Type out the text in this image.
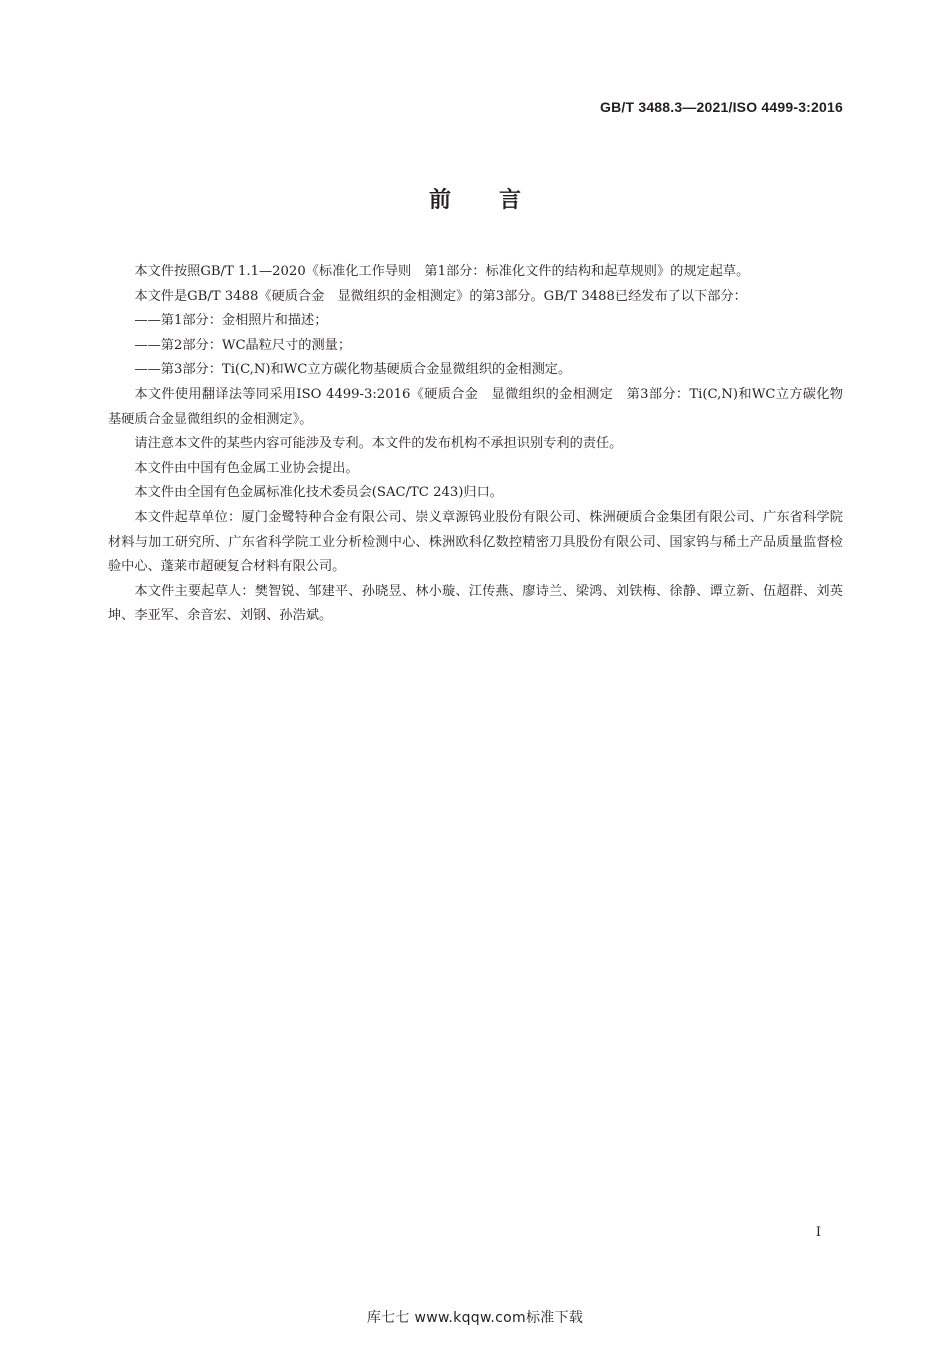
GB/T 3488.3—2021/ISO 4499-3:2016
前言

本文件按照GB/T 1.1—2020《标准化工作导则　第1部分：标准化文件的结构和起草规则》的规定起草。

本文件是GB/T 3488《硬质合金　显微组织的金相测定》的第3部分。GB/T 3488已经发布了以下部分：

——第1部分：金相照片和描述；

——第2部分：WC晶粒尺寸的测量；

——第3部分：Ti(C,N)和WC立方碳化物基硬质合金显微组织的金相测定。

本文件使用翻译法等同采用ISO 4499-3:2016《硬质合金　显微组织的金相测定　第3部分：Ti(C,N)和WC立方碳化物基硬质合金显微组织的金相测定》。

请注意本文件的某些内容可能涉及专利。本文件的发布机构不承担识别专利的责任。

本文件由中国有色金属工业协会提出。

本文件由全国有色金属标准化技术委员会(SAC/TC 243)归口。

本文件起草单位：厦门金鹭特种合金有限公司、崇义章源钨业股份有限公司、株洲硬质合金集团有限公司、广东省科学院材料与加工研究所、广东省科学院工业分析检测中心、株洲欧科亿数控精密刀具股份有限公司、国家钨与稀土产品质量监督检验中心、蓬莱市超硬复合材料有限公司。

本文件主要起草人：樊智锐、邹建平、孙晓昱、林小璇、江传燕、廖诗兰、梁鸿、刘铁梅、徐静、谭立新、伍超群、刘英坤、李亚军、余音宏、刘钢、孙浩斌。

I
库七七 www.kqqw.com标准下载
